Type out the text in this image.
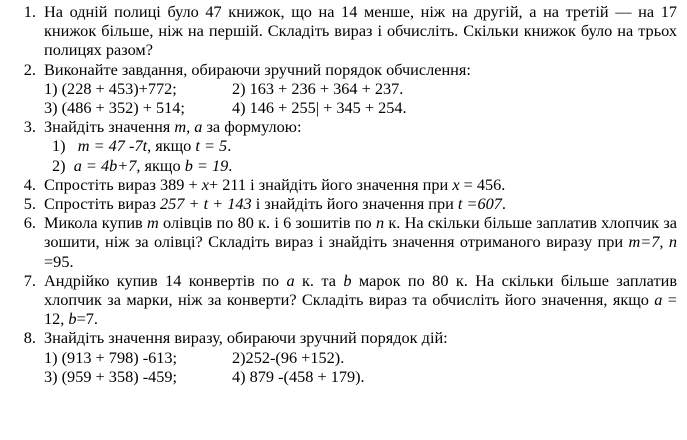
1. На одній полиці було 47 книжок, що на 14 менше, ніж на другій, а на третій — на 17 книжок більше, ніж на першій. Складіть вираз і обчисліть. Скільки книжок було на трьох полицях разом?
2. Виконайте завдання, обираючи зручний порядок обчислення:
1) (228 + 453)+772;	2) 163 + 236 + 364 + 237.
3) (486 + 352) + 514;	4) 146 + 255| + 345 + 254.
3. Знайдіть значення m, a за формулою:
1) m = 47 -7t, якщо t = 5.
2) a = 4b+7, якщо b = 19.
4. Спростіть вираз 389 + x+ 211 і знайдіть його значення при x = 456.
5. Спростіть вираз 257 + t + 143 і знайдіть його значення при t =607.
6. Микола купив m олівців по 80 к. і 6 зошитів по n к. На скільки більше заплатив хлопчик за зошити, ніж за олівці? Складіть вираз і знайдіть значення отриманого виразу при m=7, n =95.
7. Андрійко купив 14 конвертів по a к. та b марок по 80 к. На скільки більше заплатив хлопчик за марки, ніж за конверти? Складіть вираз та обчисліть його значення, якщо a = 12, b=7.
8. Знайдіть значення виразу, обираючи зручний порядок дій:
1) (913 + 798) -613;	2)252-(96 +152).
3) (959 + 358) -459;	4) 879 -(458 + 179).
